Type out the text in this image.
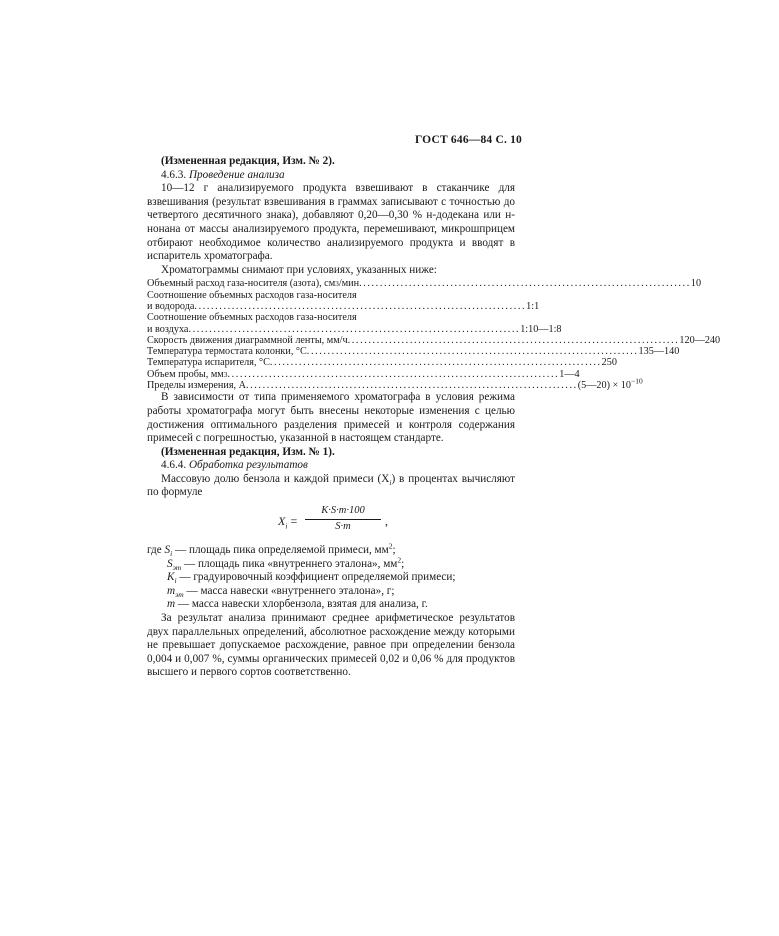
ГОСТ 646—84 С. 10

(Измененная редакция, Изм. № 2).

4.6.3. Проведение анализа

10—12 г анализируемого продукта взвешивают в стаканчике для взвешивания (результат взвешивания в граммах записывают с точностью до четвертого десятичного знака), добавляют 0,20—0,30 % н-додекана или н-нонана от массы анализируемого продукта, перемешивают, микрошприцем отбирают необходимое количество анализируемого продукта и вводят в испаритель хроматографа.

Хроматограммы снимают при условиях, указанных ниже:

Объемный расход газа-носителя (азота), см 3 /мин ................................................................................ 10
Соотношение объемных расходов газа-носителя
и водорода ................................................................................ 1:1
Соотношение объемных расходов газа-носителя
и воздуха ................................................................................ 1:10—1:8
Скорость движения диаграммной ленты, мм/ч ................................................................................ 120—240
Температура термостата колонки, °С ................................................................................ 135—140
Температура испарителя, °С ................................................................................ 250
Объем пробы, мм 3 ................................................................................ 1—4
Пределы измерения, А ................................................................................ (5—20) × $10^{-10}$

В зависимости от типа применяемого хроматографа в условия режима работы хроматографа могут быть внесены некоторые изменения с целью достижения оптимального разделения примесей и контроля содержания примесей с погрешностью, указанной в настоящем стандарте.

(Измененная редакция, Изм. № 1).

4.6.4. Обработка результатов

Массовую долю бензола и каждой примеси $(X_i)$ в процентах вычисляют по формуле

$X_i$ =
K·S·m·100
S·m	,
где $S_i$ — площадь пика определяемой примеси, $мм^2$;
$S_{эт}$ — площадь пика «внутреннего эталона», $мм^2$;
$K_i$ — градуировочный коэффициент определяемой примеси;
$m_{эт}$ — масса навески «внутреннего эталона», г;
m — масса навески хлорбензола, взятая для анализа, г.

За результат анализа принимают среднее арифметическое результатов двух параллельных определений, абсолютное расхождение между которыми не превышает допускаемое расхождение, равное при определении бензола 0,004 и 0,007 %, суммы органических примесей 0,02 и 0,06 % для продуктов высшего и первого сортов соответственно.
